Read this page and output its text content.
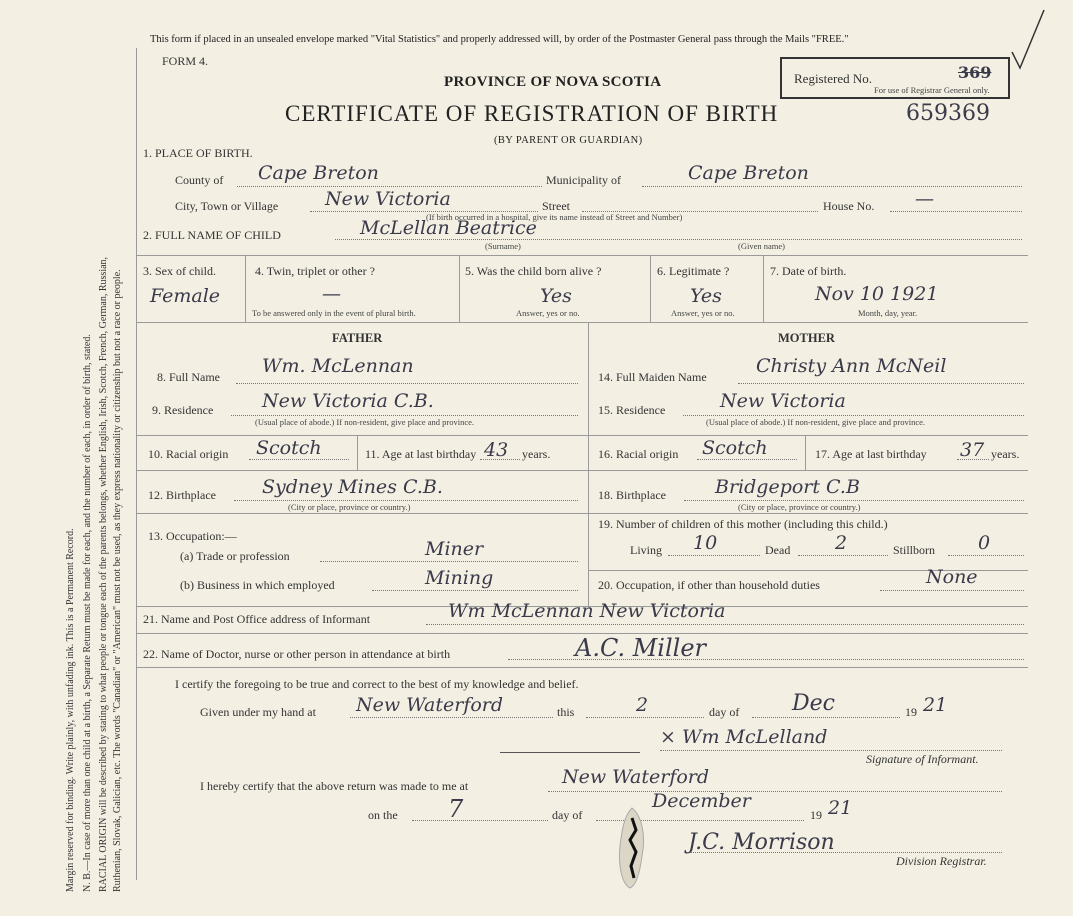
Margin reserved for binding. Write plainly, with unfading ink. This is a Permanent Record. N. B.—In case of more than one child at a birth, a Separate Return must be made for each, and the number of each, in order of birth, stated. RACIAL ORIGIN will be described by stating to what people or tongue each of the parents belongs, whether English, Irish, Scotch, French, German, Russian, Ruthenian, Slovak, Galician, etc. The words "Canadian" or "American" must not be used, as they express nationality or citizenship but not a race or people.
This form if placed in an unsealed envelope marked "Vital Statistics" and properly addressed will, by order of the Postmaster General pass through the Mails "FREE."
FORM 4.
PROVINCE OF NOVA SCOTIA
CERTIFICATE OF REGISTRATION OF BIRTH	659369
(BY PARENT OR GUARDIAN)
Registered No.	369
For use of Registrar General only.
1. PLACE OF BIRTH.
County of Cape Breton	Municipality of	Cape Breton
City, Town or Village New Victoria	Street	House No. —
(If birth occurred in a hospital, give its name instead of Street and Number)
2. FULL NAME OF CHILD	McLellan Beatrice
(Surname)	(Given name)
3. Sex of child.
Female
4. Twin, triplet or other ?
—
To be answered only in the event of plural birth.
5. Was the child born alive ?
Yes
Answer, yes or no.
6. Legitimate ?
Yes
Answer, yes or no.
7. Date of birth.
Nov 10 1921
Month, day, year.
FATHER	MOTHER
8. Full Name Wm. McLennan
9. Residence	New Victoria C.B.
(Usual place of abode.) If non-resident, give place and province.
10. Racial origin Scotch	11. Age at last birthday 43 years.
12. Birthplace Sydney Mines C.B.
(City or place, province or country.)
13. Occupation:—
(a) Trade or profession	Miner
(b) Business in which employed	Mining
14. Full Maiden Name	Christy Ann McNeil
15. Residence	New Victoria
(Usual place of abode.) If non-resident, give place and province.
16. Racial origin Scotch	17. Age at last birthday 37 years.
18. Birthplace	Bridgeport C.B
(City or place, province or country.)
19. Number of children of this mother (including this child.)
Living 10	Dead 2	Stillborn 0
20. Occupation, if other than household duties	None
21. Name and Post Office address of Informant	Wm McLennan New Victoria
22. Name of Doctor, nurse or other person in attendance at birth	A.C. Miller
I certify the foregoing to be true and correct to the best of my knowledge and belief.
Given under my hand at New Waterford	this	2	day of Dec	19 21
× Wm McLelland
Signature of Informant.
I hereby certify that the above return was made to me at	New Waterford
on the 7	day of
December
19 21
J.C. Morrison
Division Registrar.
